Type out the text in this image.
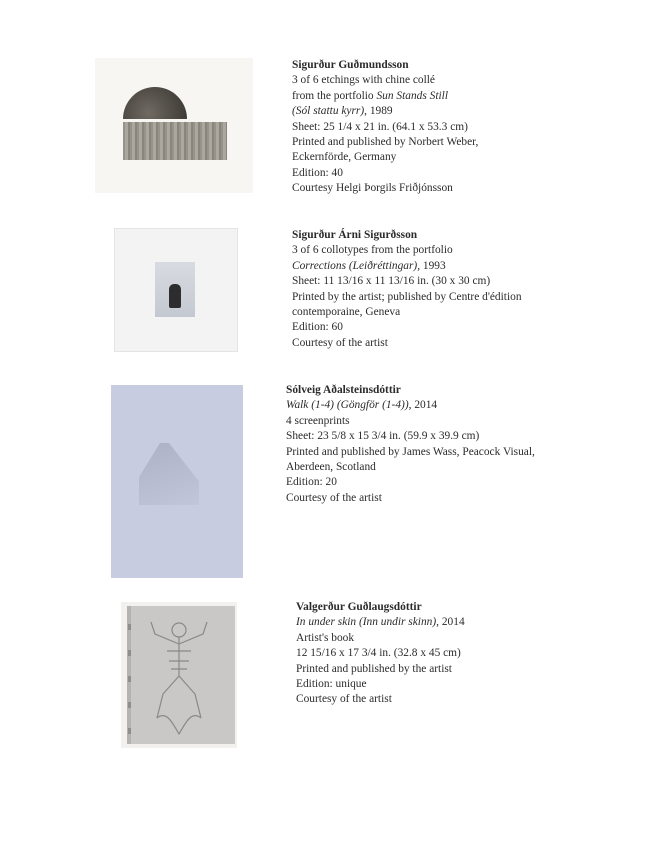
Sigurður Guðmundsson
3 of 6 etchings with chine collé
from the portfolio Sun Stands Still
(Sól stattu kyrr), 1989
Sheet: 25 1/4 x 21 in. (64.1 x 53.3 cm)
Printed and published by Norbert Weber,
Eckernförde, Germany
Edition: 40
Courtesy Helgi Þorgils Friðjónsson
Sigurður Árni Sigurðsson
3 of 6 collotypes from the portfolio
Corrections (Leiðréttingar), 1993
Sheet: 11 13/16 x 11 13/16 in. (30 x 30 cm)
Printed by the artist; published by Centre d'édition
contemporaine, Geneva
Edition: 60
Courtesy of the artist
Sólveig Aðalsteinsdóttir
Walk (1-4) (Göngför (1-4)), 2014
4 screenprints
Sheet: 23 5/8 x 15 3/4 in. (59.9 x 39.9 cm)
Printed and published by James Wass, Peacock Visual,
Aberdeen, Scotland
Edition: 20
Courtesy of the artist
Valgerður Guðlaugsdóttir
In under skin (Inn undir skinn), 2014
Artist's book
12 15/16 x 17 3/4 in. (32.8 x 45 cm)
Printed and published by the artist
Edition: unique
Courtesy of the artist
